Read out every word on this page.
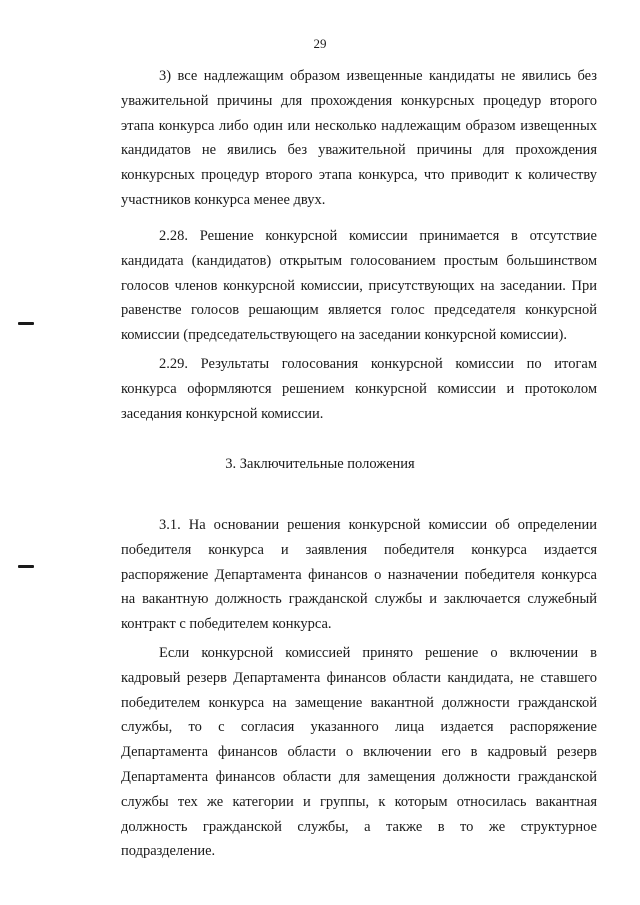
29

3) все надлежащим образом извещенные кандидаты не явились без уважительной причины для прохождения конкурсных процедур второго этапа конкурса либо один или несколько надлежащим образом извещенных кандидатов не явились без уважительной причины для прохождения конкурсных процедур второго этапа конкурса, что приводит к количеству участников конкурса менее двух.

2.28. Решение конкурсной комиссии принимается в отсутствие кандидата (кандидатов) открытым голосованием простым большинством голосов членов конкурсной комиссии, присутствующих на заседании. При равенстве голосов решающим является голос председателя конкурсной комиссии (председательствующего на заседании конкурсной комиссии).

2.29. Результаты голосования конкурсной комиссии по итогам конкурса оформляются решением конкурсной комиссии и протоколом заседания конкурсной комиссии.

3. Заключительные положения

3.1. На основании решения конкурсной комиссии об определении победителя конкурса и заявления победителя конкурса издается распоряжение Департамента финансов о назначении победителя конкурса на вакантную должность гражданской службы и заключается служебный контракт с победителем конкурса.

Если конкурсной комиссией принято решение о включении в кадровый резерв Департамента финансов области кандидата, не ставшего победителем конкурса на замещение вакантной должности гражданской службы, то с согласия указанного лица издается распоряжение Департамента финансов области о включении его в кадровый резерв Департамента финансов области для замещения должности гражданской службы тех же категории и группы, к которым относилась вакантная должность гражданской службы, а также в то же структурное подразделение.
